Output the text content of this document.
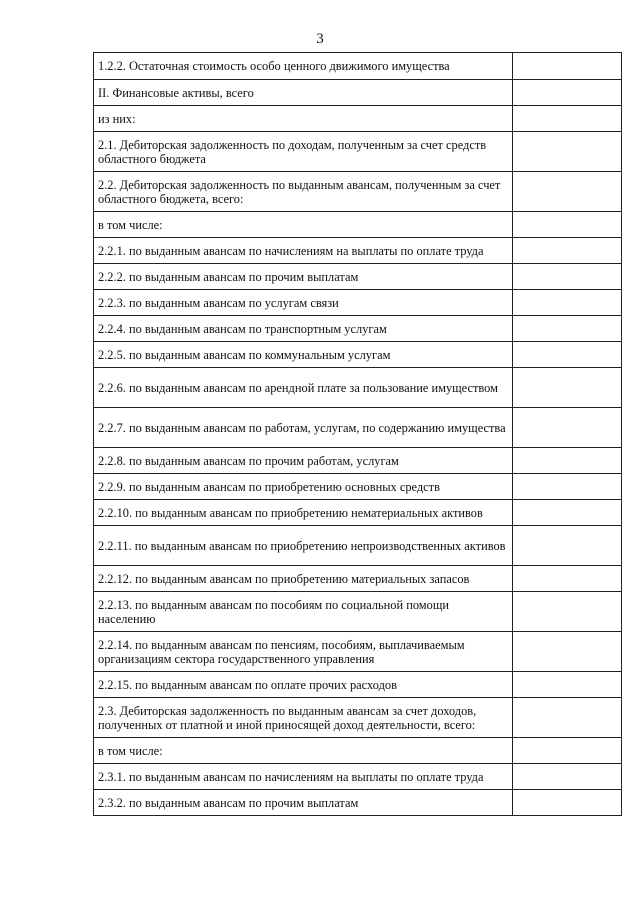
3
1.2.2. Остаточная стоимость особо ценного движимого имущества	
II. Финансовые активы, всего	
из них:	
2.1. Дебиторская задолженность по доходам, полученным за счет средств областного бюджета	
2.2. Дебиторская задолженность по выданным авансам, полученным за счет областного бюджета, всего:	
в том числе:	
2.2.1. по выданным авансам по начислениям на выплаты по оплате труда	
2.2.2. по выданным авансам по прочим выплатам	
2.2.3. по выданным авансам по услугам связи	
2.2.4. по выданным авансам по транспортным услугам	
2.2.5. по выданным авансам по коммунальным услугам	
2.2.6. по выданным авансам по арендной плате за пользование имуществом	
2.2.7. по выданным авансам по работам, услугам, по содержанию имущества	
2.2.8. по выданным авансам по прочим работам, услугам	
2.2.9. по выданным авансам по приобретению основных средств	
2.2.10. по выданным авансам по приобретению нематериальных активов	
2.2.11. по выданным авансам по приобретению непроизводственных активов	
2.2.12. по выданным авансам по приобретению материальных запасов	
2.2.13. по выданным авансам по пособиям по социальной помощи населению	
2.2.14. по выданным авансам по пенсиям, пособиям, выплачиваемым организациям сектора государственного управления	
2.2.15. по выданным авансам по оплате прочих расходов	
2.3. Дебиторская задолженность по выданным авансам за счет доходов, полученных от платной и иной приносящей доход деятельности, всего:	
в том числе:	
2.3.1. по выданным авансам по начислениям на выплаты по оплате труда	
2.3.2. по выданным авансам по прочим выплатам	
